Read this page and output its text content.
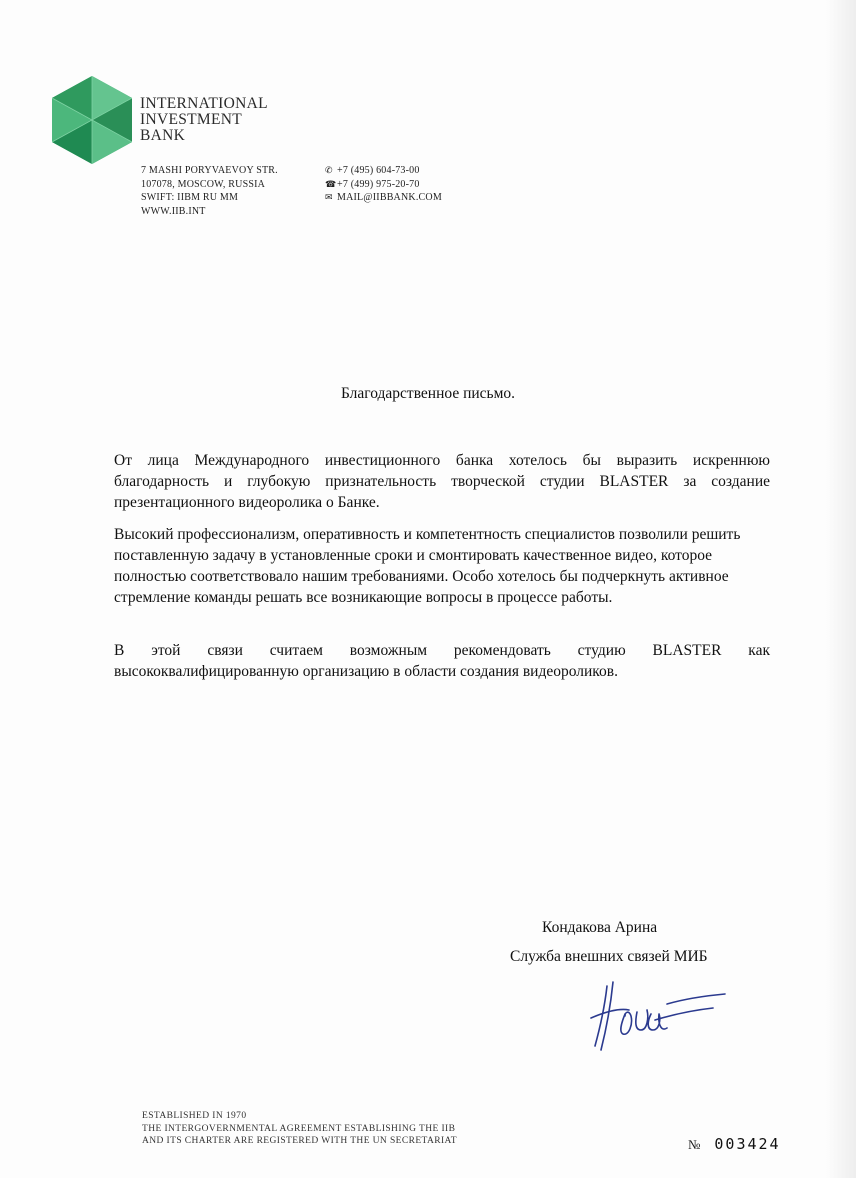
INTERNATIONAL
INVESTMENT
BANK
7 MASHI PORYVAEVOY STR.
107078, MOSCOW, RUSSIA
SWIFT: IIBM RU MM
WWW.IIB.INT
✆ +7 (495) 604-73-00
☎+7 (499) 975-20-70
✉ MAIL@IIBBANK.COM
Благодарственное письмо.
От лица Международного инвестиционного банка хотелось бы выразить искреннюю благодарность и глубокую признательность творческой студии BLASTER за создание презентационного видеоролика о Банке.
Высокий профессионализм, оперативность и компетентность специалистов позволили решить поставленную задачу в установленные сроки и смонтировать качественное видео, которое полностью соответствовало нашим требованиями. Особо хотелось бы подчеркнуть активное стремление команды решать все возникающие вопросы в процессе работы.
В этой связи считаем возможным рекомендовать студию BLASTER как высококвалифицированную организацию в области создания видеороликов.
Кондакова Арина
Служба внешних связей МИБ
ESTABLISHED IN 1970
THE INTERGOVERNMENTAL AGREEMENT ESTABLISHING THE IIB
AND ITS CHARTER ARE REGISTERED WITH THE UN SECRETARIAT	№ 003424
